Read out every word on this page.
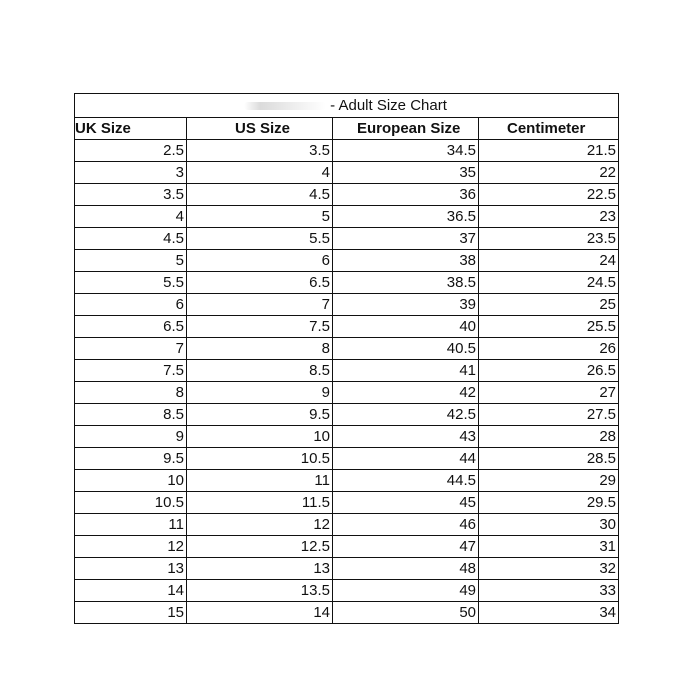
- Adult Size Chart			
UK Size	US Size	European Size	Centimeter
2.5	3.5	34.5	21.5
3	4	35	22
3.5	4.5	36	22.5
4	5	36.5	23
4.5	5.5	37	23.5
5	6	38	24
5.5	6.5	38.5	24.5
6	7	39	25
6.5	7.5	40	25.5
7	8	40.5	26
7.5	8.5	41	26.5
8	9	42	27
8.5	9.5	42.5	27.5
9	10	43	28
9.5	10.5	44	28.5
10	11	44.5	29
10.5	11.5	45	29.5
11	12	46	30
12	12.5	47	31
13	13	48	32
14	13.5	49	33
15	14	50	34
